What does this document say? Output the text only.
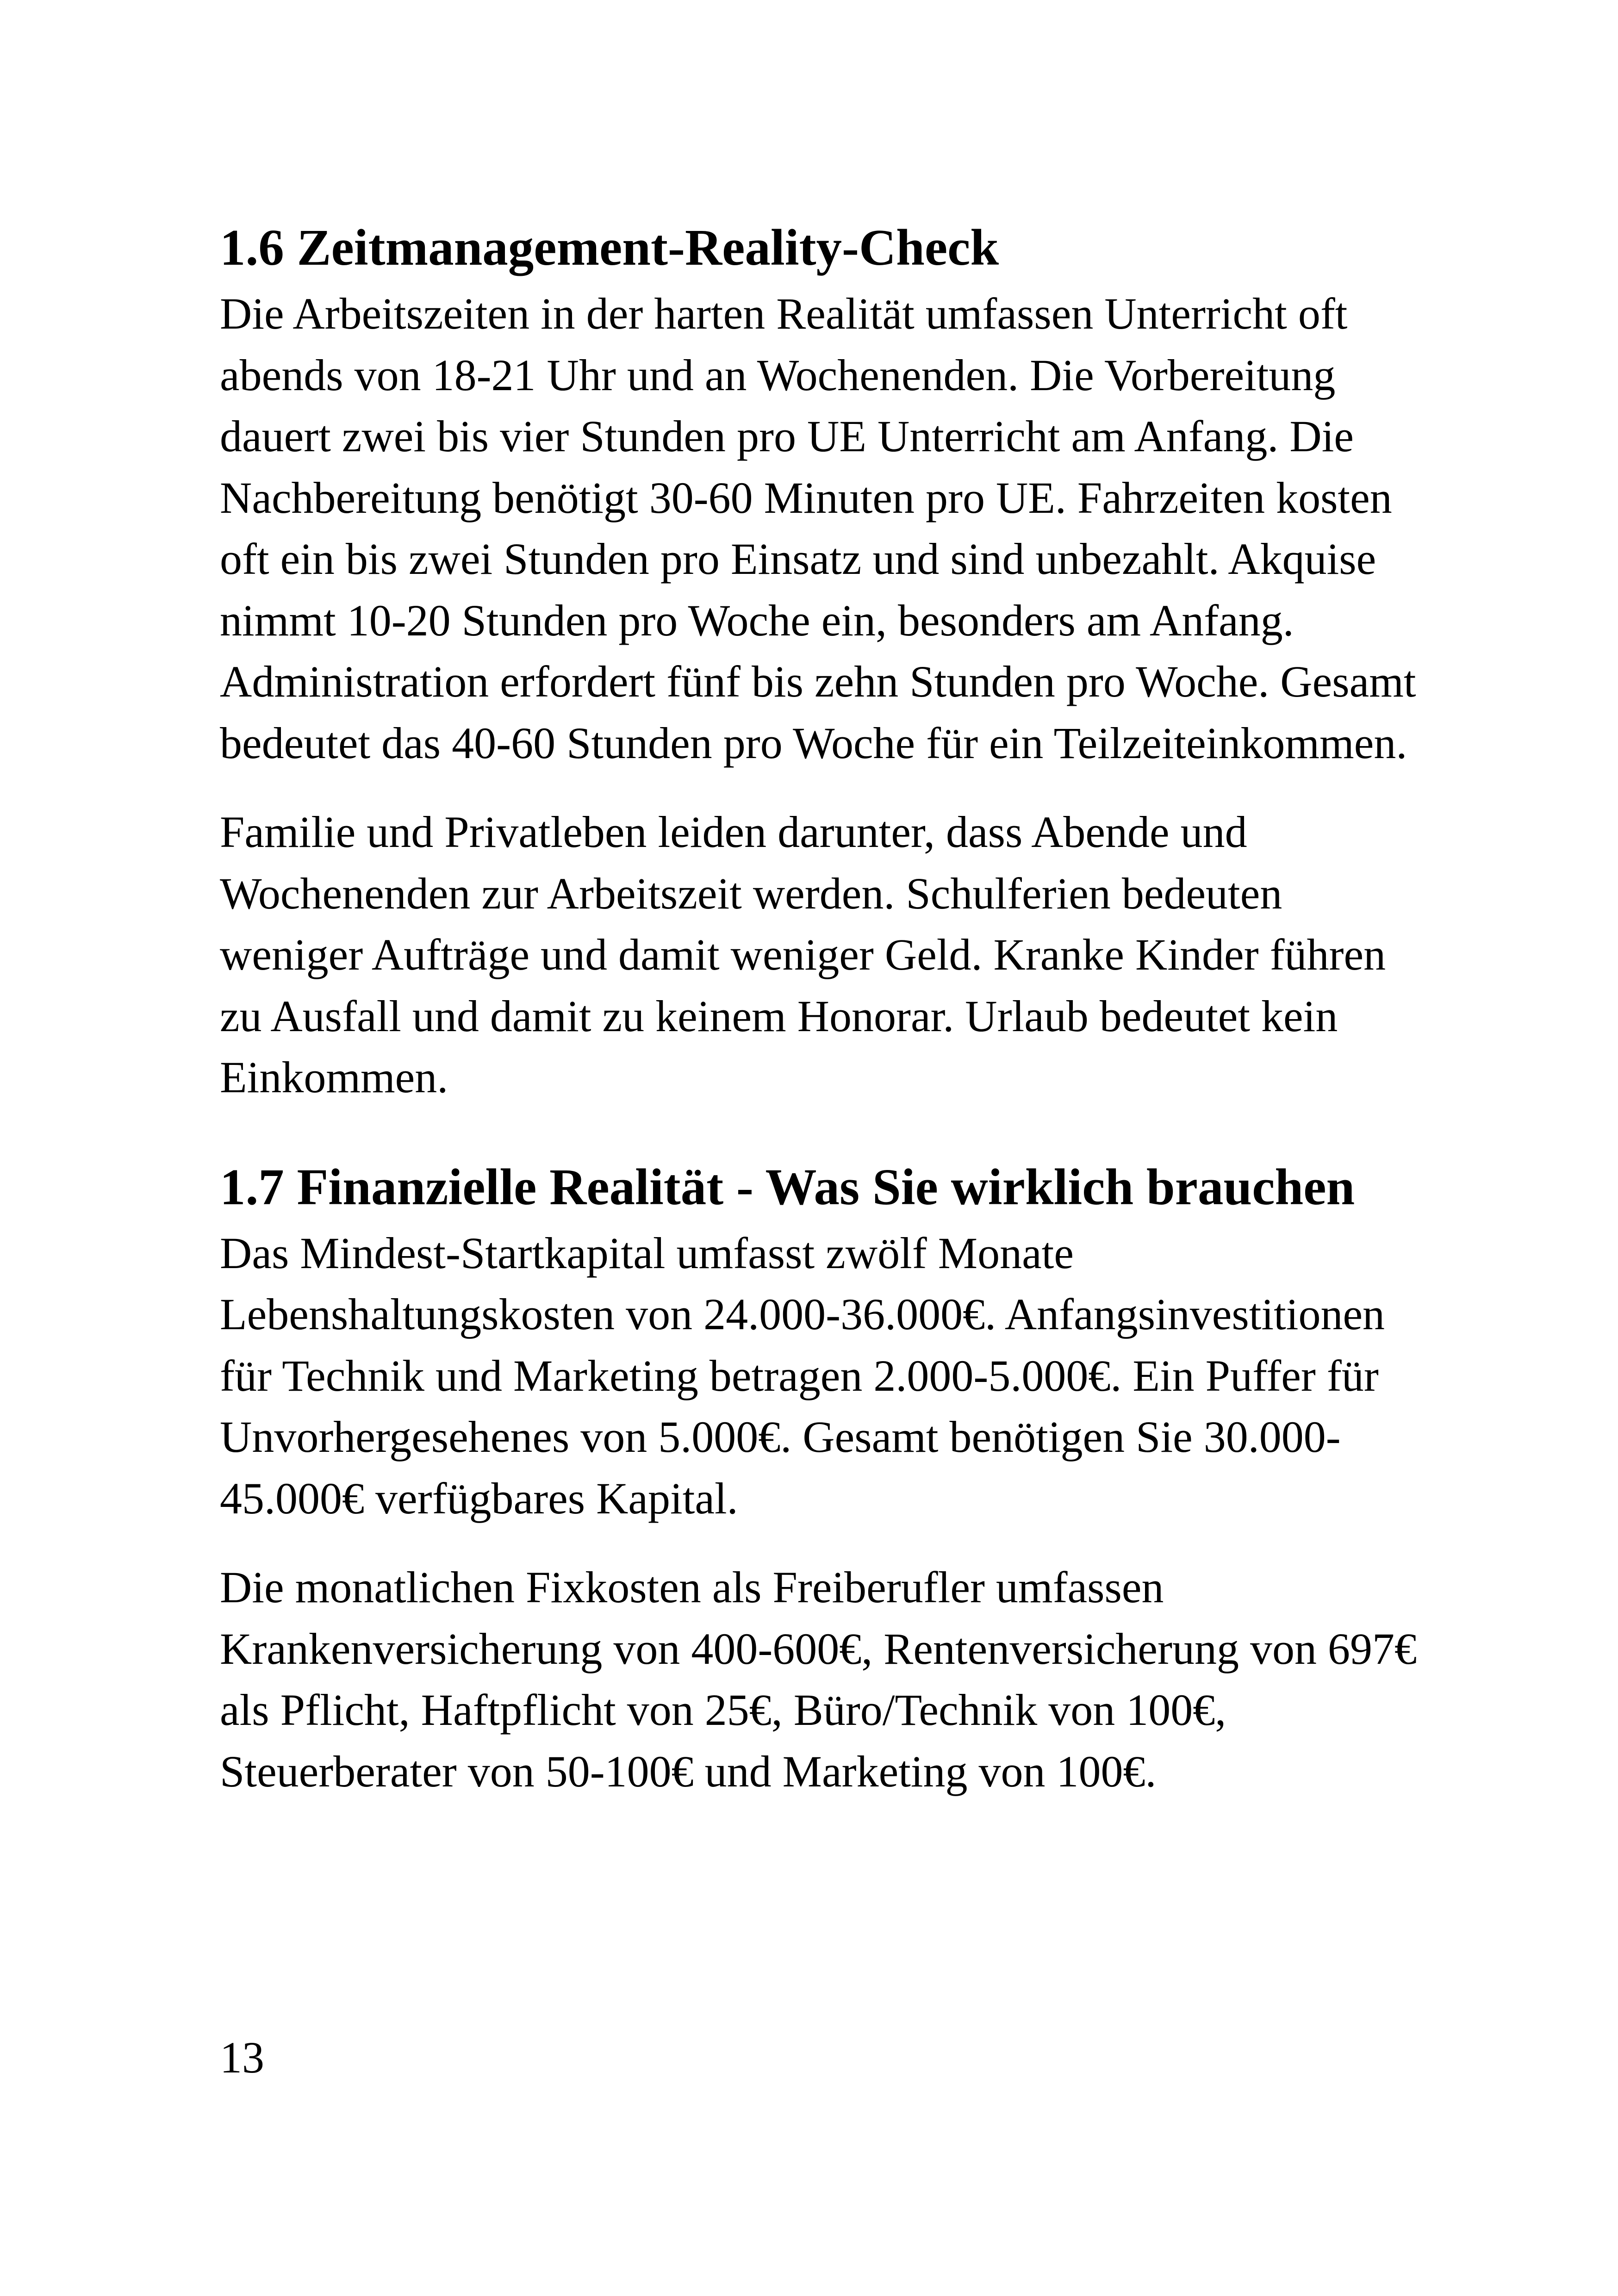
1.6 Zeitmanagement-Reality-Check

Die Arbeitszeiten in der harten Realität umfassen Unterricht oft abends von 18-21 Uhr und an Wochenenden. Die Vorbereitung dauert zwei bis vier Stunden pro UE Unterricht am Anfang. Die Nachbereitung benötigt 30-60 Minuten pro UE. Fahrzeiten kosten oft ein bis zwei Stunden pro Einsatz und sind unbezahlt. Akquise nimmt 10-20 Stunden pro Woche ein, besonders am Anfang. Administration erfordert fünf bis zehn Stunden pro Woche. Gesamt bedeutet das 40-60 Stunden pro Woche für ein Teilzeiteinkommen.

Familie und Privatleben leiden darunter, dass Abende und Wochenenden zur Arbeitszeit werden. Schulferien bedeuten weniger Aufträge und damit weniger Geld. Kranke Kinder führen zu Ausfall und damit zu keinem Honorar. Urlaub bedeutet kein Einkommen.

1.7 Finanzielle Realität - Was Sie wirklich brauchen

Das Mindest-Startkapital umfasst zwölf Monate Lebenshaltungskosten von 24.000-36.000€. Anfangsinvestitionen für Technik und Marketing betragen 2.000-5.000€. Ein Puffer für Unvorhergesehenes von 5.000€. Gesamt benötigen Sie 30.000-45.000€ verfügbares Kapital.

Die monatlichen Fixkosten als Freiberufler umfassen Krankenversicherung von 400-600€, Rentenversicherung von 697€ als Pflicht, Haftpflicht von 25€, Büro/Technik von 100€, Steuerberater von 50-100€ und Marketing von 100€.

13
